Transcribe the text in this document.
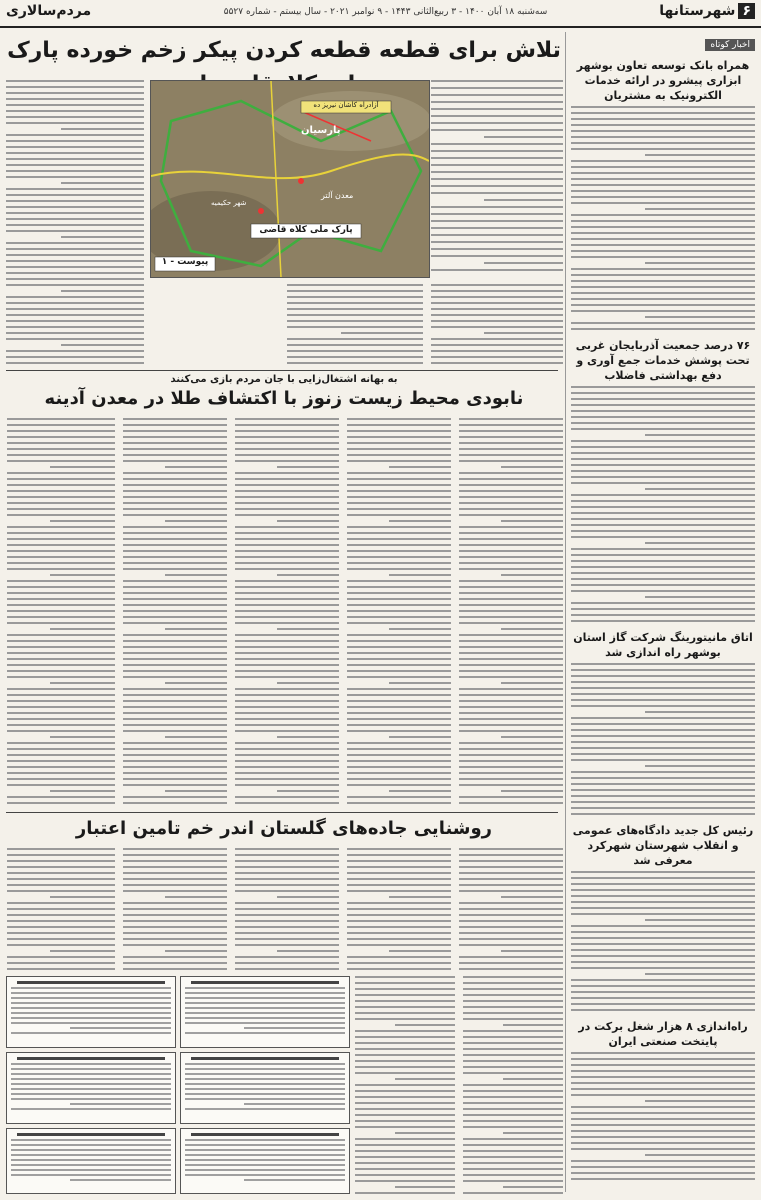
۶شهرستانها
سه‌شنبه ۱۸ آبان ۱۴۰۰ - ۳ ربیع‌الثانی ۱۴۴۳ - ۹ نوامبر ۲۰۲۱ - سال بیستم - شماره ۵۵۲۷
مردم‌سالاری
اخبار کوتاه
همراه بانک توسعه تعاون بوشهر ابزاری پیشرو در ارائه خدمات الکترونیک به مشتریان
۷۶ درصد جمعیت آذربایجان غربی تحت پوشش خدمات جمع آوری و دفع بهداشتی فاضلاب
اتاق مانیتورینگ شرکت گاز استان بوشهر راه اندازی شد
رئیس کل جدید دادگاه‌های عمومی و انقلاب شهرستان شهرکرد معرفی شد
راه‌اندازی ۸ هزار شغل برکت در پایتخت صنعتی ایران
تلاش برای قطعه قطعه کردن پیکر زخم خورده پارک
آزادراه کاشان نیریز ده
پارسیان
پارک ملی کلاه قاضی
معدن آلتر
پیوست - ۱
شهر حکیمیه
به بهانه اشتغال‌زایی با جان مردم بازی می‌کنند
نابودی محیط زیست زنوز با اکتشاف طلا در معدن آدینه
روشنایی جاده‌های گلستان اندر خم تامین اعتبار
